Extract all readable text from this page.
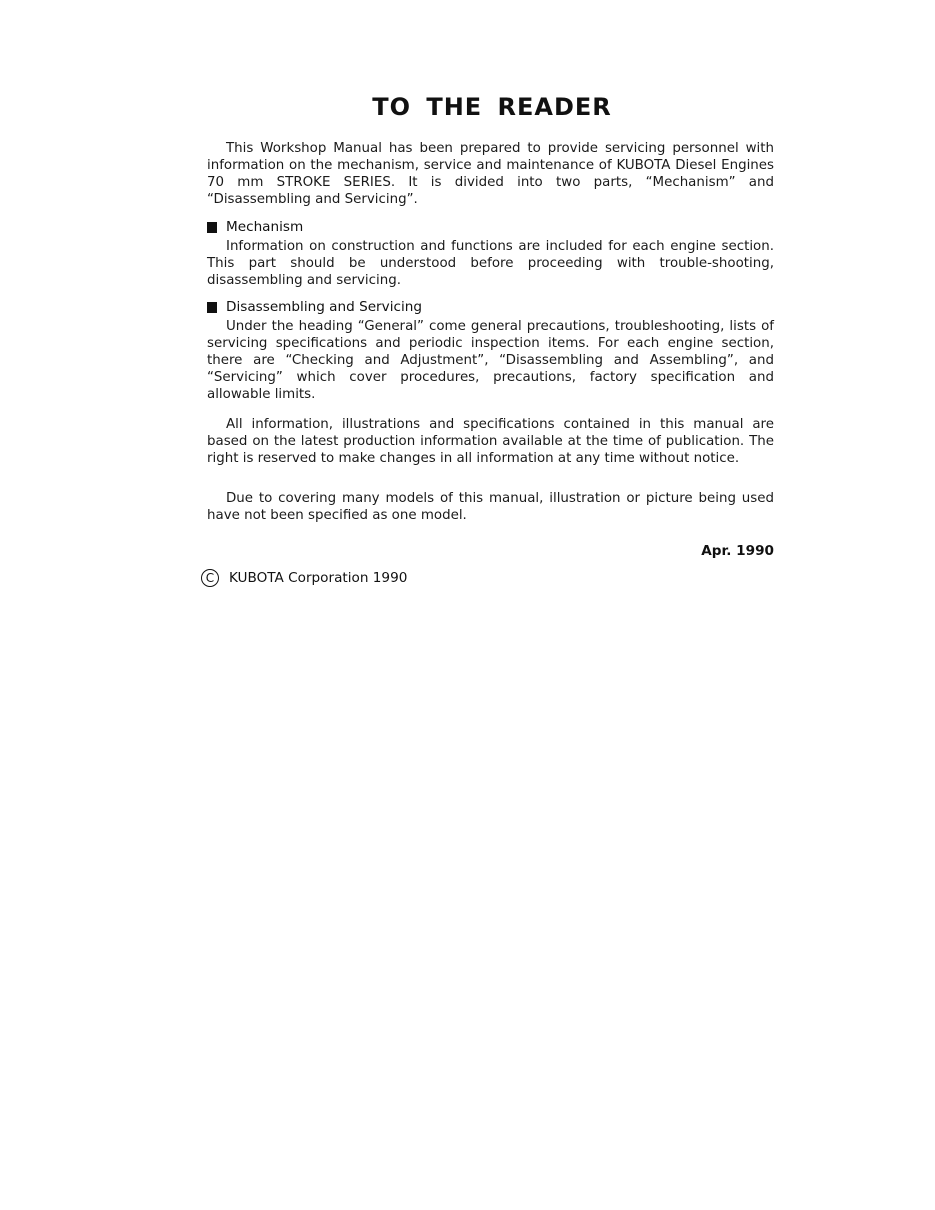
TO THE READER
This Workshop Manual has been prepared to provide servicing personnel with information on the mechanism, service and maintenance of KUBOTA Diesel Engines 70 mm STROKE SERIES. It is divided into two parts, “Mechanism” and “Disassembling and Servicing”.
Mechanism
Information on construction and functions are included for each engine section. This part should be understood before proceeding with trouble-shooting, disassembling and servicing.
Disassembling and Servicing
Under the heading “General” come general precautions, troubleshooting, lists of servicing specifications and periodic inspection items. For each engine section, there are “Checking and Adjustment”, “Disassembling and Assembling”, and “Servicing” which cover procedures, precautions, factory specification and allowable limits.
All information, illustrations and specifications contained in this manual are based on the latest production information available at the time of publication. The right is reserved to make changes in all information at any time without notice.
Due to covering many models of this manual, illustration or picture being used have not been specified as one model.
Apr. 1990
C	KUBOTA Corporation 1990
